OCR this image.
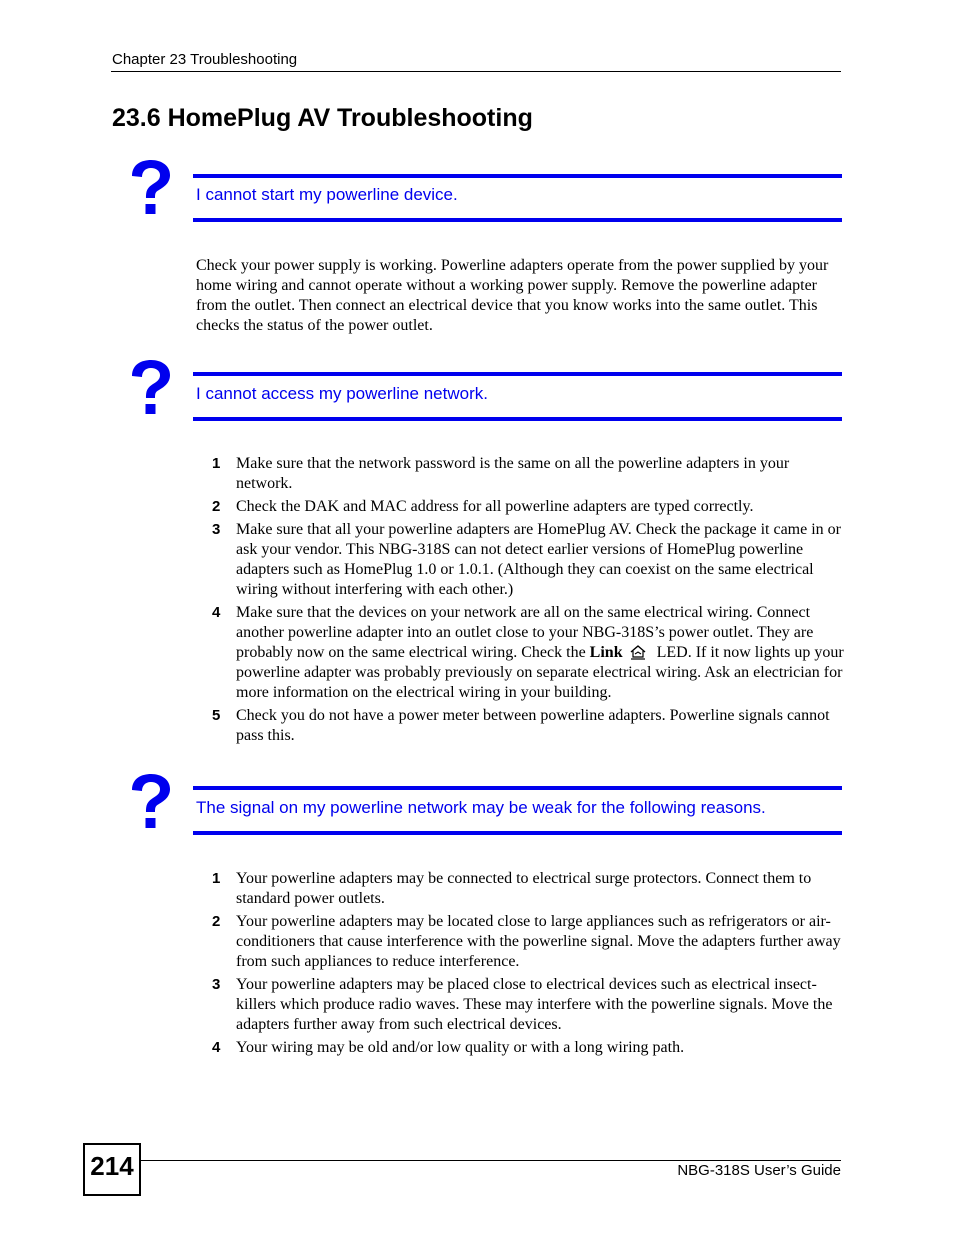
Chapter 23 Troubleshooting
23.6 HomePlug AV Troubleshooting
I cannot start my powerline device.
Check your power supply is working. Powerline adapters operate from the power supplied by your home wiring and cannot operate without a working power supply. Remove the powerline adapter from the outlet. Then connect an electrical device that you know works into the same outlet. This checks the status of the power outlet.
I cannot access my powerline network.
1 Make sure that the network password is the same on all the powerline adapters in your network.
2 Check the DAK and MAC address for all powerline adapters are typed correctly.
3 Make sure that all your powerline adapters are HomePlug AV. Check the package it came in or ask your vendor. This NBG-318S can not detect earlier versions of HomePlug powerline adapters such as HomePlug 1.0 or 1.0.1. (Although they can coexist on the same electrical wiring without interfering with each other.)
4 Make sure that the devices on your network are all on the same electrical wiring. Connect another powerline adapter into an outlet close to your NBG-318S’s power outlet. They are probably now on the same electrical wiring. Check the Link LED. If it now lights up your powerline adapter was probably previously on separate electrical wiring. Ask an electrician for more information on the electrical wiring in your building.
5 Check you do not have a power meter between powerline adapters. Powerline signals cannot pass this.
The signal on my powerline network may be weak for the following reasons.
1 Your powerline adapters may be connected to electrical surge protectors. Connect them to standard power outlets.
2 Your powerline adapters may be located close to large appliances such as refrigerators or air-conditioners that cause interference with the powerline signal. Move the adapters further away from such appliances to reduce interference.
3 Your powerline adapters may be placed close to electrical devices such as electrical insect-killers which produce radio waves. These may interfere with the powerline signals. Move the adapters further away from such electrical devices.
4 Your wiring may be old and/or low quality or with a long wiring path.
214	NBG-318S User’s Guide
